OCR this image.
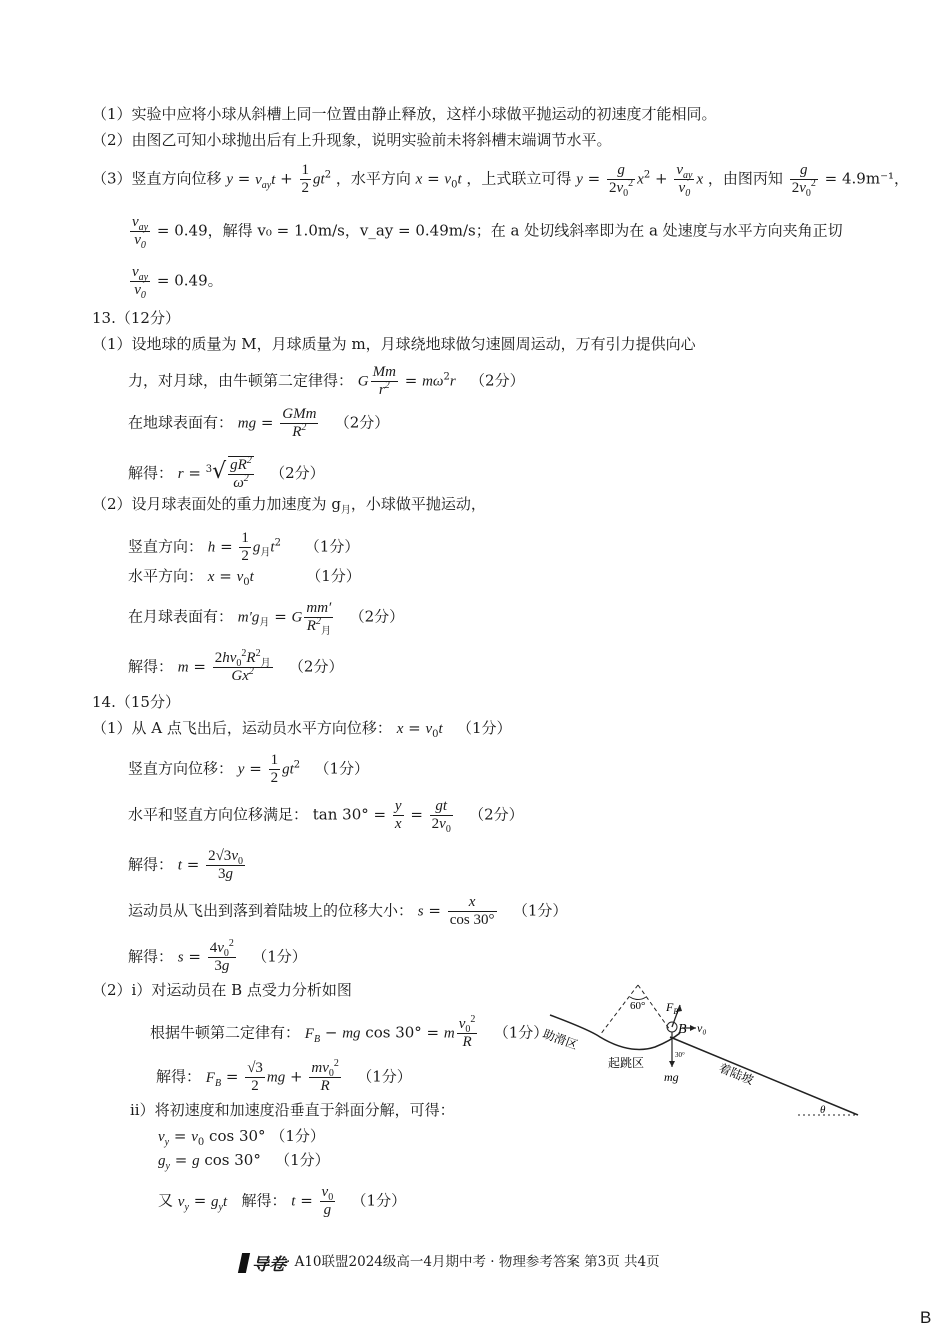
（1）实验中应将小球从斜槽上同一位置由静止释放，这样小球做平抛运动的初速度才能相同。
（2）由图乙可知小球抛出后有上升现象，说明实验前未将斜槽末端调节水平。
（3）竖直方向位移 $y = v_{ay}t + \frac{1}{2} gt^2$ ，水平方向 $x = v_0t$ ，上式联立可得 $y = \frac{g}{2v_0^2} x^2 + \frac{v_{ay}}{v_0}$ x ，由图丙知 $\frac{g}{2v_0^2} = 4.9m^{-1}$，
$\frac{v_{ay}}{v_0} = 0.49$，解得 v₀ = 1.0m/s，v_ay = 0.49m/s；在 a 处切线斜率即为在 a 处速度与水平方向夹角正切
$\frac{v_{ay}}{v_0} = 0.49$。
13.（12分）
（1）设地球的质量为 M，月球质量为 m，月球绕地球做匀速圆周运动，万有引力提供向心
力，对月球，由牛顿第二定律得： G $\frac{Mm}{r^2} = m\omega^2r$ （2分）
在地球表面有： mg = $\frac{\text{GMm}}{R^2} (2$分）
解得： $r = ^3√ \frac{gR^2}{\omega^2} (2$分）
（2）设月球表面处的重力加速度为 $g_月$，小球做平抛运动，
竖直方向： $h = \frac{1}{2} g_月t^2$ （1分）
水平方向： $x = v_0t$	（1分）
在月球表面有： $m'g_月 = G \frac{mm'}{R^2_月} (2$分）
解得： $m = \frac{2hv_0^2R^2_月}{Gx^2} (2$分）
14.（15分）
（1）从 A 点飞出后，运动员水平方向位移： $x = v_0t$ （1分）
竖直方向位移： $y = \frac{1}{2} gt^2$ （1分）
水平和竖直方向位移满足： $\tan 30^\circ = \frac{y}{x} = \frac{gt}{2v_0} (2$分）
解得： $t = \frac{2√3v_0}{3g}$
运动员从飞出到落到着陆坡上的位移大小： $s = \frac{x}{\cos 30^\circ} (1$分）
解得： $s = \frac{4v_0^2}{3g} (1$分）
（2）i）对运动员在 B 点受力分析如图
根据牛顿第二定律有： $F_B$ − mg cos 30° = m $\frac{v_0^2}{R} (1$分）
解得： $F_B = \frac{√3}{2}$ mg + $\frac{mv_0^2}{R} (1$分）
ii）将初速度和加速度沿垂直于斜面分解，可得：
$v_y = v_0$ cos 30° （1分）
$g_y = g$ cos 30°   （1分）
又 $v_y = g_yt$ 解得： $t = \frac{v_0}{g} (1$分）
60° $F_B$
B v₀
mg
30°
助滑区
起跳区	着陆坡
θ
导卷· A10联盟2024级高一4月期中考 · 物理参考答案 第3页 共4页
B
